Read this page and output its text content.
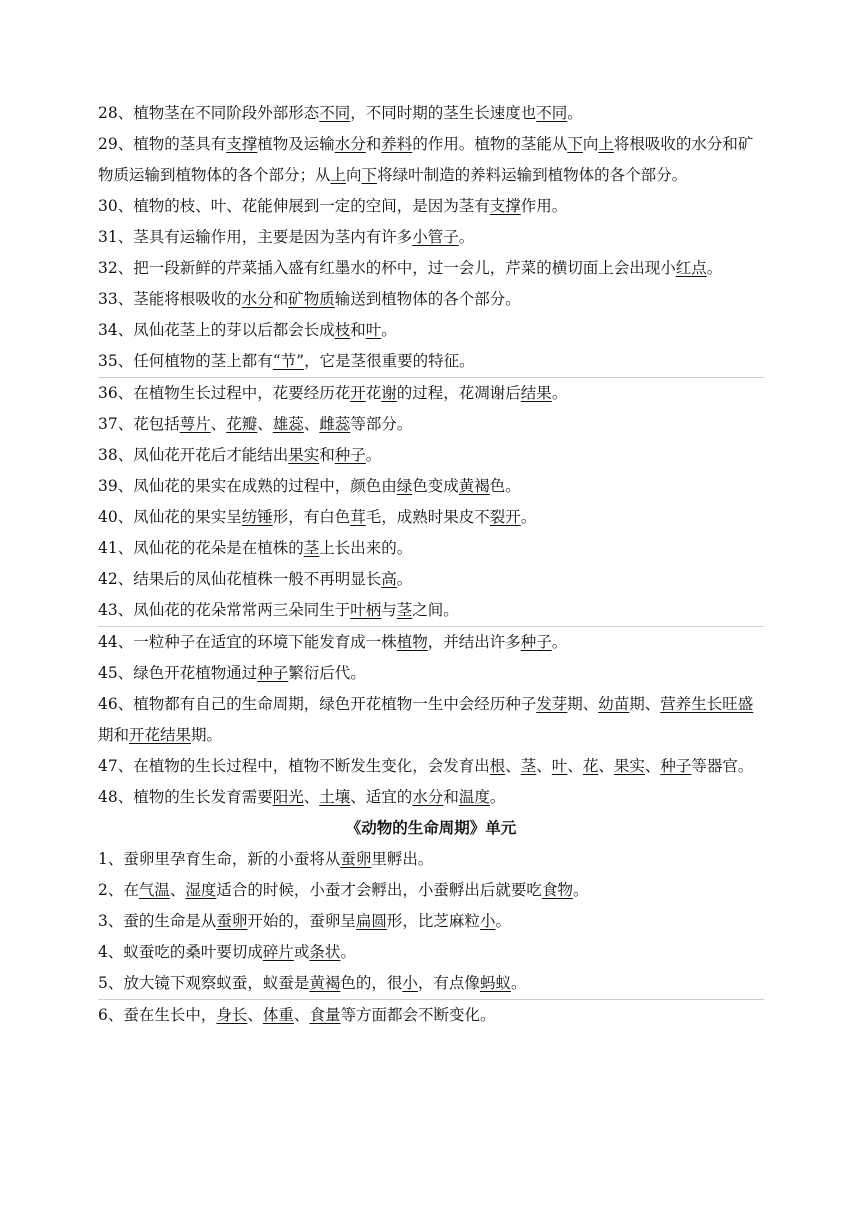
28、植物茎在不同阶段外部形态不同，不同时期的茎生长速度也不同。
29、植物的茎具有支撑植物及运输水分和养料的作用。植物的茎能从下向上将根吸收的水分和矿物质运输到植物体的各个部分；从上向下将绿叶制造的养料运输到植物体的各个部分。
30、植物的枝、叶、花能伸展到一定的空间，是因为茎有支撑作用。
31、茎具有运输作用，主要是因为茎内有许多小管子。
32、把一段新鲜的芹菜插入盛有红墨水的杯中，过一会儿，芹菜的横切面上会出现小红点。
33、茎能将根吸收的水分和矿物质输送到植物体的各个部分。
34、凤仙花茎上的芽以后都会长成枝和叶。
35、任何植物的茎上都有“节”，它是茎很重要的特征。
36、在植物生长过程中，花要经历花开花谢的过程，花凋谢后结果。
37、花包括萼片、花瓣、雄蕊、雌蕊等部分。
38、凤仙花开花后才能结出果实和种子。
39、凤仙花的果实在成熟的过程中，颜色由绿色变成黄褐色。
40、凤仙花的果实呈纺锤形，有白色茸毛，成熟时果皮不裂开。
41、凤仙花的花朵是在植株的茎上长出来的。
42、结果后的凤仙花植株一般不再明显长高。
43、凤仙花的花朵常常两三朵同生于叶柄与茎之间。
44、一粒种子在适宜的环境下能发育成一株植物，并结出许多种子。
45、绿色开花植物通过种子繁衍后代。
46、植物都有自己的生命周期，绿色开花植物一生中会经历种子发芽期、幼苗期、营养生长旺盛期和开花结果期。
47、在植物的生长过程中，植物不断发生变化，会发育出根、茎、叶、花、果实、种子等器官。
48、植物的生长发育需要阳光、土壤、适宜的水分和温度。
《动物的生命周期》单元
1、蚕卵里孕育生命，新的小蚕将从蚕卵里孵出。
2、在气温、湿度适合的时候，小蚕才会孵出，小蚕孵出后就要吃食物。
3、蚕的生命是从蚕卵开始的，蚕卵呈扁圆形，比芝麻粒小。
4、蚁蚕吃的桑叶要切成碎片或条状。
5、放大镜下观察蚁蚕，蚁蚕是黄褐色的，很小，有点像蚂蚁。
6、蚕在生长中，身长、体重、食量等方面都会不断变化。
